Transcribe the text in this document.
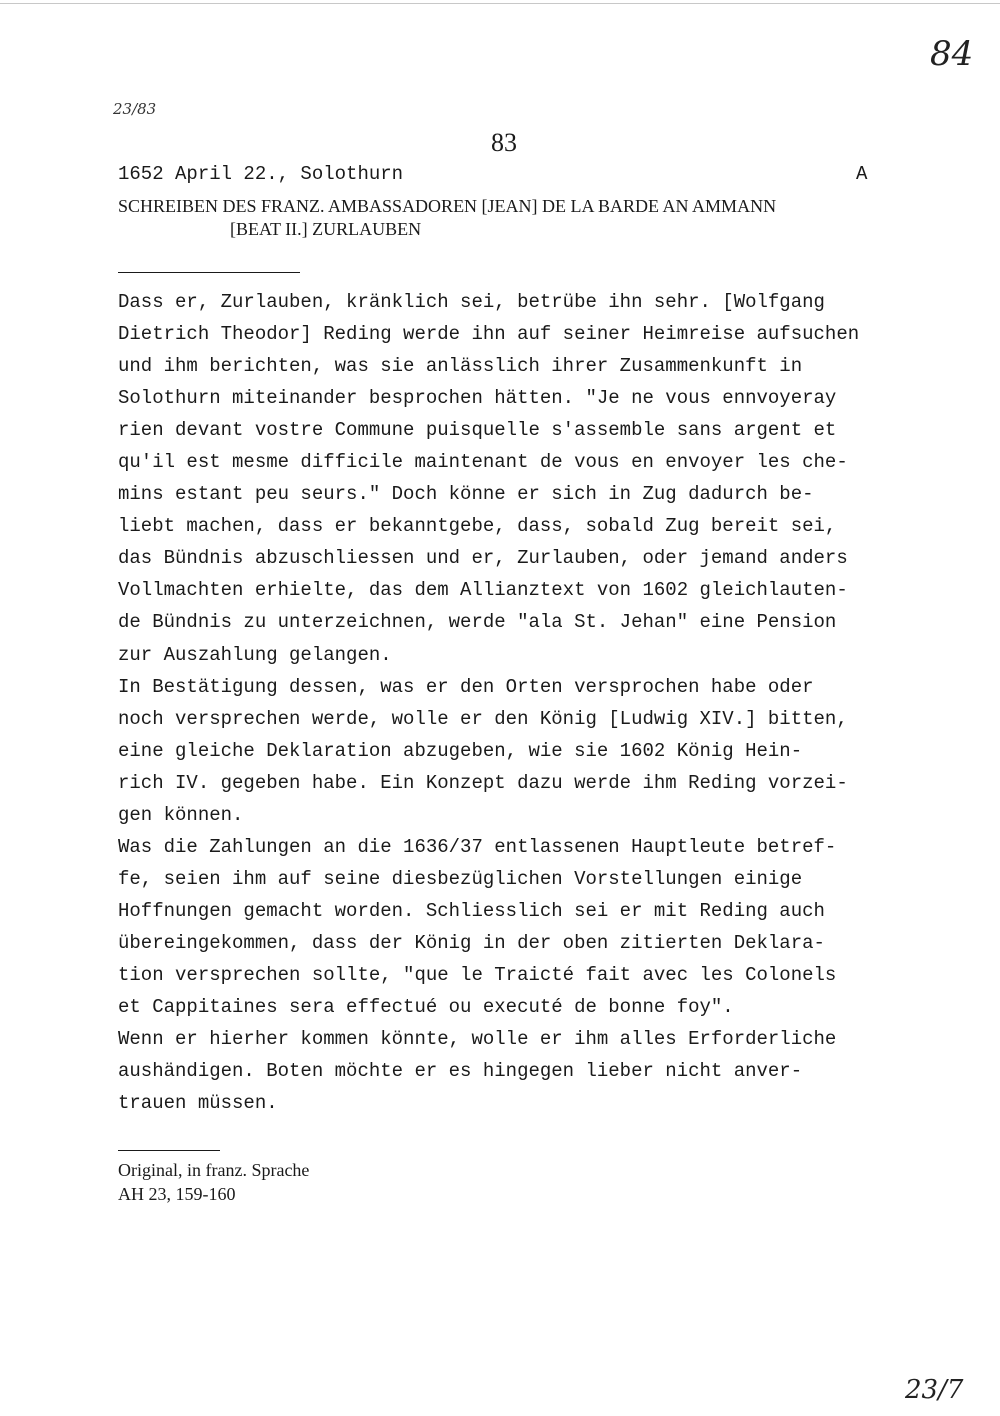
23/83
84
83
1652 April 22., Solothurn	A
SCHREIBEN DES FRANZ. AMBASSADOREN [JEAN] DE LA BARDE AN AMMANN
[BEAT II.] ZURLAUBEN
Dass er, Zurlauben, kränklich sei, betrübe ihn sehr. [Wolfgang
Dietrich Theodor] Reding werde ihn auf seiner Heimreise aufsuchen
und ihm berichten, was sie anlässlich ihrer Zusammenkunft in
Solothurn miteinander besprochen hätten. "Je ne vous ennvoyeray
rien devant vostre Commune puisquelle s'assemble sans argent et
qu'il est mesme difficile maintenant de vous en envoyer les che-
mins estant peu seurs." Doch könne er sich in Zug dadurch be-
liebt machen, dass er bekanntgebe, dass, sobald Zug bereit sei,
das Bündnis abzuschliessen und er, Zurlauben, oder jemand anders
Vollmachten erhielte, das dem Allianztext von 1602 gleichlauten-
de Bündnis zu unterzeichnen, werde "ala St. Jehan" eine Pension
zur Auszahlung gelangen.
In Bestätigung dessen, was er den Orten versprochen habe oder
noch versprechen werde, wolle er den König [Ludwig XIV.] bitten,
eine gleiche Deklaration abzugeben, wie sie 1602 König Hein-
rich IV. gegeben habe. Ein Konzept dazu werde ihm Reding vorzei-
gen können.
Was die Zahlungen an die 1636/37 entlassenen Hauptleute betref-
fe, seien ihm auf seine diesbezüglichen Vorstellungen einige
Hoffnungen gemacht worden. Schliesslich sei er mit Reding auch
übereingekommen, dass der König in der oben zitierten Deklara-
tion versprechen sollte, "que le Traicté fait avec les Colonels
et Cappitaines sera effectué ou executé de bonne foy".
Wenn er hierher kommen könnte, wolle er ihm alles Erforderliche
aushändigen. Boten möchte er es hingegen lieber nicht anver-
trauen müssen.
Original, in franz. Sprache
AH 23, 159-160
23/7
